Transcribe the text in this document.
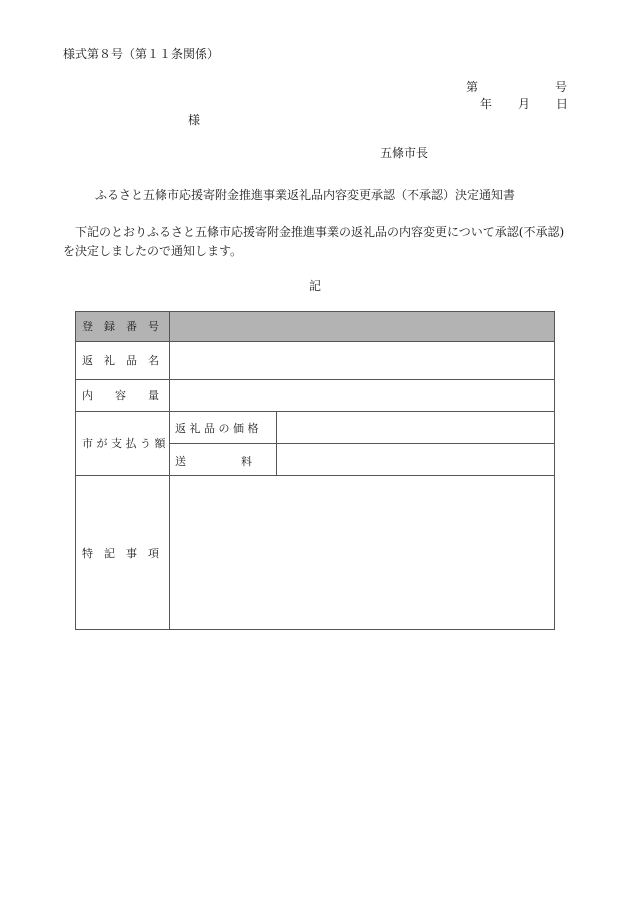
様式第８号（第１１条関係）
第	号
年 月 日
様
五條市長
ふるさと五條市応援寄附金推進事業返礼品内容変更承認（不承認）決定通知書
下記のとおりふるさと五條市応援寄附金推進事業の返礼品の内容変更について承認(不承認)
を決定しましたので通知します。
記
登　録　番　号
返　礼　品　名
内　　容　　量
市 が 支 払 う 額
返 礼 品 の 価 格
送　　　　　料
特　記　事　項
